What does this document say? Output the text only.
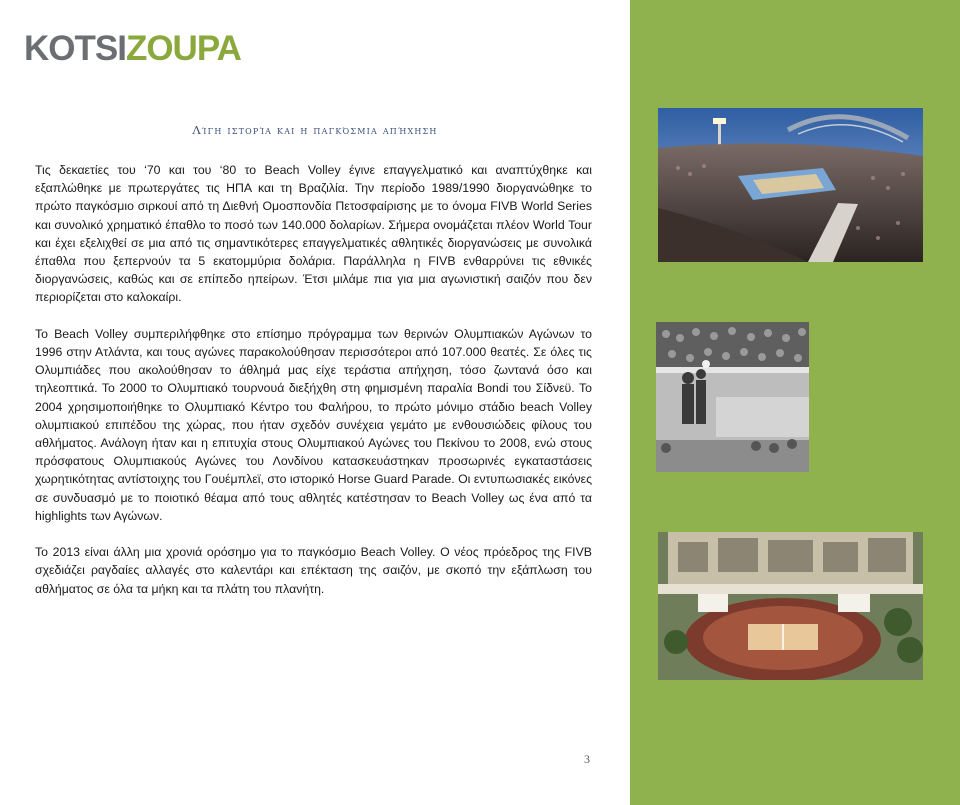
KOTSIZOUPA
Λίγη ιστορία και η παγκόσμια απήχηση

Τις δεκαετίες του ‘70 και του ‘80 το Beach Volley έγινε επαγγελματικό και αναπτύχθηκε και εξαπλώθηκε με πρωτεργάτες τις ΗΠΑ και τη Βραζιλία. Την περίοδο 1989/1990 διοργανώθηκε το πρώτο παγκόσμιο σιρκουί από τη Διεθνή Ομοσπονδία Πετοσφαίρισης με το όνομα FIVB World Series και συνολικό χρηματικό έπαθλο το ποσό των 140.000 δολαρίων. Σήμερα ονομάζεται πλέον World Tour και έχει εξελιχθεί σε μια από τις σημαντικότερες επαγγελματικές αθλητικές διοργανώσεις με συνολικά έπαθλα που ξεπερνούν τα 5 εκατομμύρια δολάρια. Παράλληλα η FIVB ενθαρρύνει τις εθνικές διοργανώσεις, καθώς και σε επίπεδο ηπείρων. Έτσι μιλάμε πια για μια αγωνιστική σαιζόν που δεν περιορίζεται στο καλοκαίρι.

Το Beach Volley συμπεριλήφθηκε στο επίσημο πρόγραμμα των θερινών Ολυμπιακών Αγώνων το 1996 στην Ατλάντα, και τους αγώνες παρακολούθησαν περισσότεροι από 107.000 θεατές. Σε όλες τις Ολυμπιάδες που ακολούθησαν το άθλημά μας είχε τεράστια απήχηση, τόσο ζωντανά όσο και τηλεοπτικά. Το 2000 το Ολυμπιακό τουρνουά διεξήχθη στη φημισμένη παραλία Bondi του Σίδνεϋ. Το 2004 χρησιμοποιήθηκε το Ολυμπιακό Κέντρο του Φαλήρου, το πρώτο μόνιμο στάδιο beach Volley ολυμπιακού επιπέδου της χώρας, που ήταν σχεδόν συνέχεια γεμάτο με ενθουσιώδεις φίλους του αθλήματος. Ανάλογη ήταν και η επιτυχία στους Ολυμπιακού Αγώνες του Πεκίνου το 2008, ενώ στους πρόσφατους Ολυμπιακούς Αγώνες του Λονδίνου κατασκευάστηκαν προσωρινές εγκαταστάσεις χωρητικότητας αντίστοιχης του Γουέμπλεϊ, στο ιστορικό Horse Guard Parade. Οι εντυπωσιακές εικόνες σε συνδυασμό με το ποιοτικό θέαμα από τους αθλητές κατέστησαν το Beach Volley ως ένα από τα highlights των Αγώνων.

Το 2013 είναι άλλη μια χρονιά ορόσημο για το παγκόσμιο Beach Volley. Ο νέος πρόεδρος της FIVB σχεδιάζει ραγδαίες αλλαγές στο καλεντάρι και επέκταση της σαιζόν, με σκοπό την εξάπλωση του αθλήματος σε όλα τα μήκη και τα πλάτη του πλανήτη.

3
